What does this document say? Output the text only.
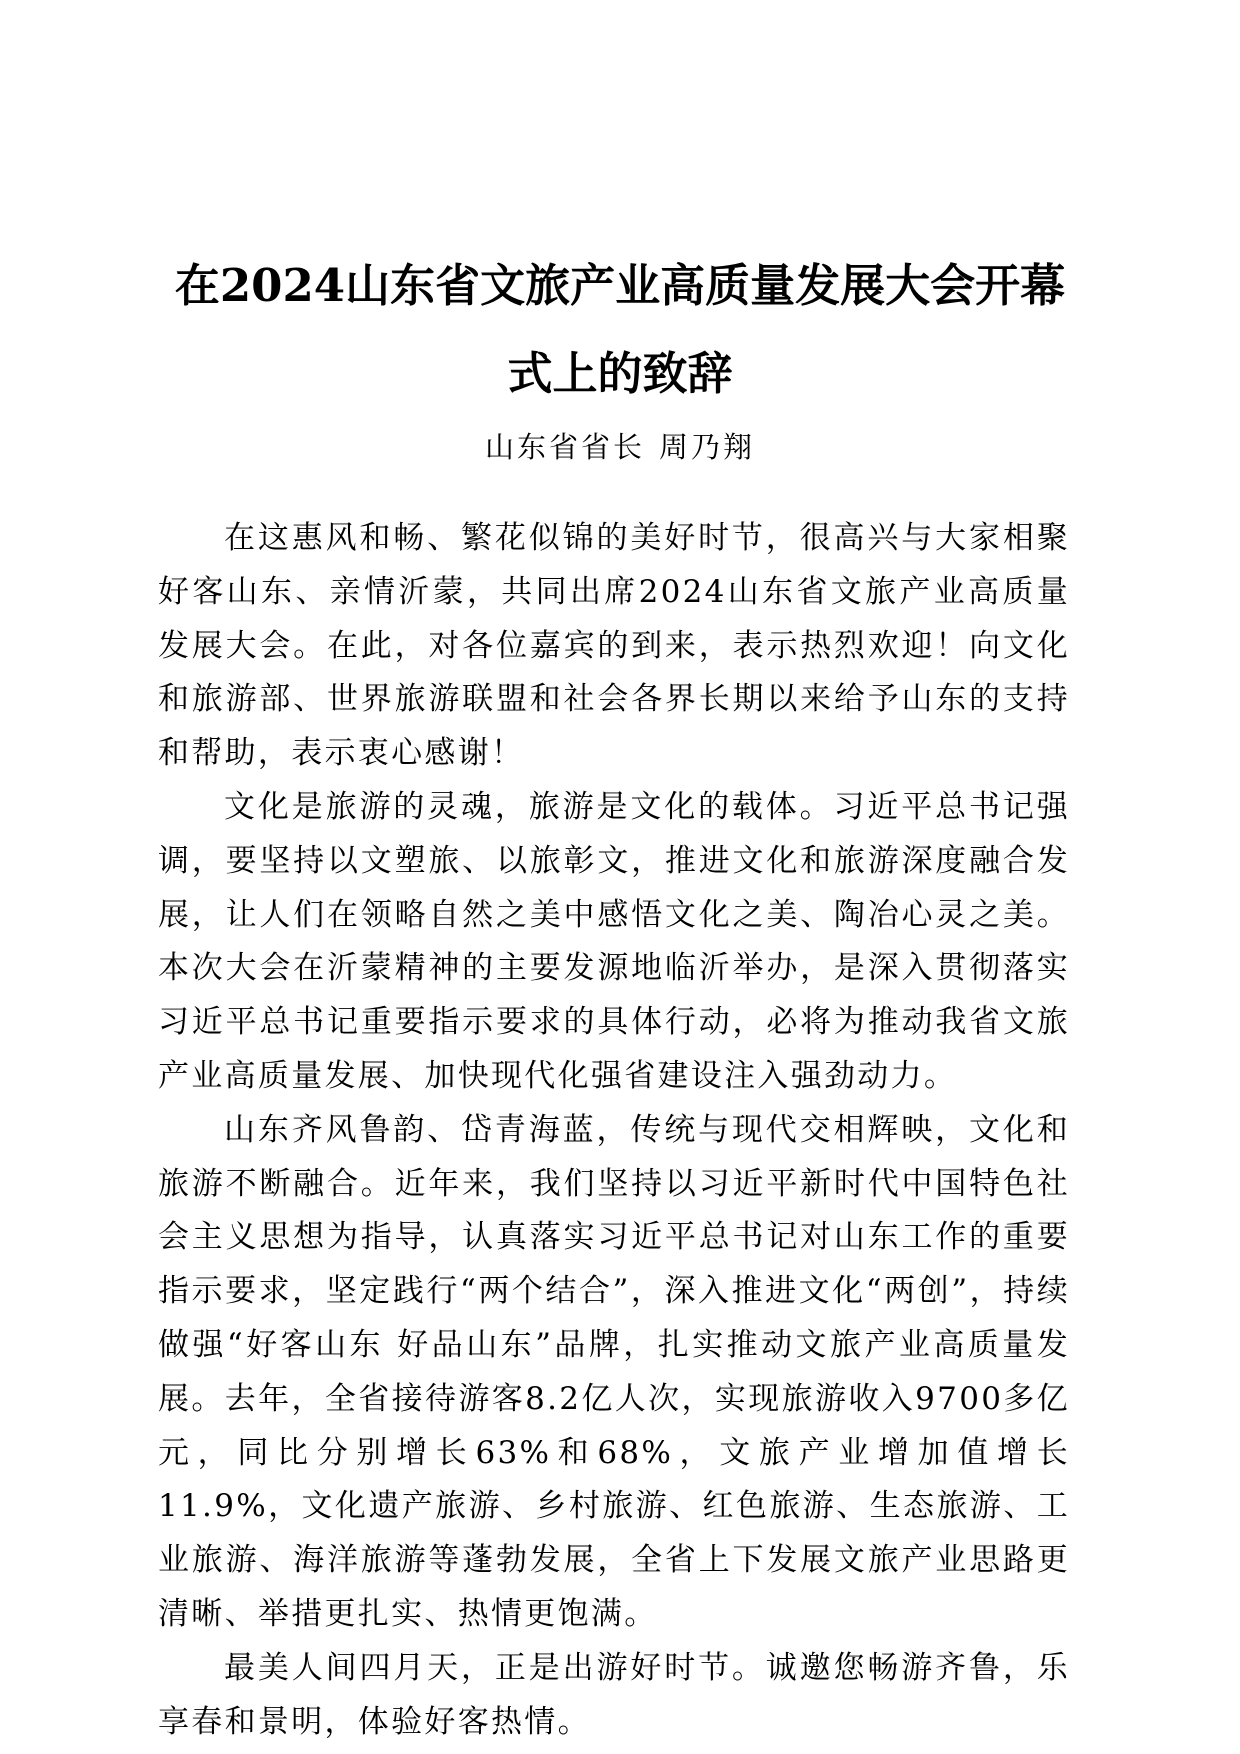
在2024山东省文旅产业高质量发展大会开幕
式上的致辞
山东省省长 周乃翔

在这惠风和畅、繁花似锦的美好时节，很高兴与大家相聚好客山东、亲情沂蒙，共同出席2024山东省文旅产业高质量发展大会。在此，对各位嘉宾的到来，表示热烈欢迎！向文化和旅游部、世界旅游联盟和社会各界长期以来给予山东的支持和帮助，表示衷心感谢！

文化是旅游的灵魂，旅游是文化的载体。习近平总书记强调，要坚持以文塑旅、以旅彰文，推进文化和旅游深度融合发展，让人们在领略自然之美中感悟文化之美、陶冶心灵之美。本次大会在沂蒙精神的主要发源地临沂举办，是深入贯彻落实习近平总书记重要指示要求的具体行动，必将为推动我省文旅产业高质量发展、加快现代化强省建设注入强劲动力。

山东齐风鲁韵、岱青海蓝，传统与现代交相辉映，文化和旅游不断融合。近年来，我们坚持以习近平新时代中国特色社会主义思想为指导，认真落实习近平总书记对山东工作的重要指示要求，坚定践行“两个结合”，深入推进文化“两创”，持续做强“好客山东 好品山东”品牌，扎实推动文旅产业高质量发展。去年，全省接待游客8.2亿人次，实现旅游收入9700多亿元，同比分别增长63%和68%，文旅产业增加值增长11.9%，文化遗产旅游、乡村旅游、红色旅游、生态旅游、工业旅游、海洋旅游等蓬勃发展，全省上下发展文旅产业思路更清晰、举措更扎实、热情更饱满。

最美人间四月天，正是出游好时节。诚邀您畅游齐鲁，乐享春和景明，体验好客热情。
